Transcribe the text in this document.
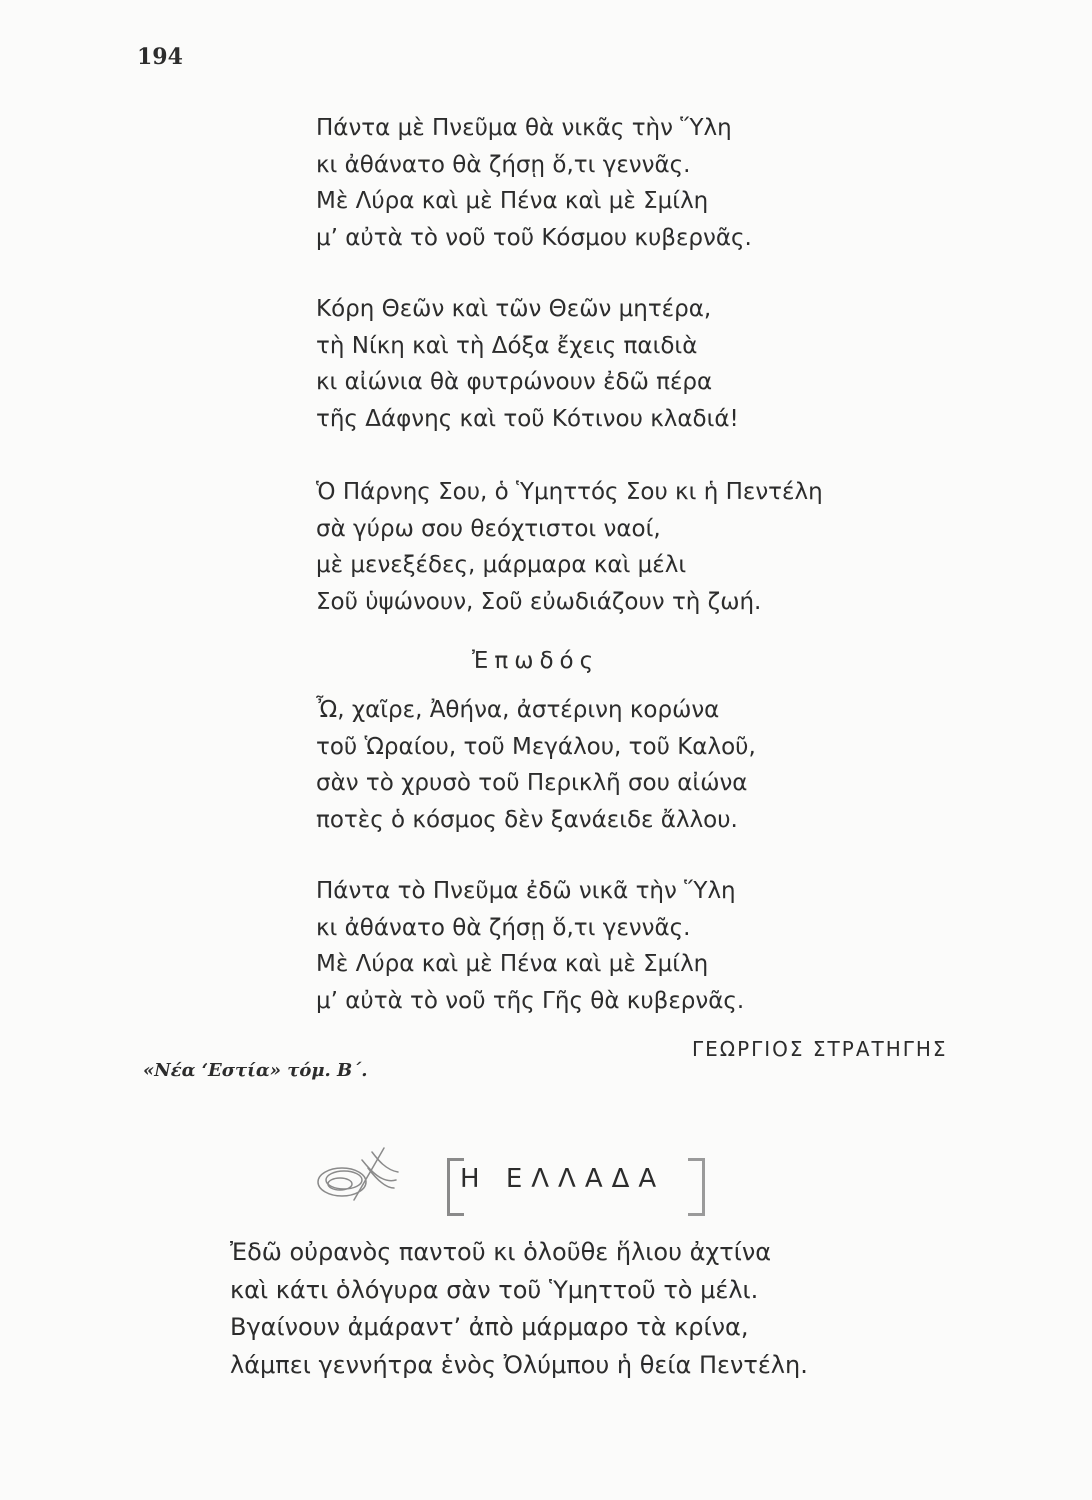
194
Πάντα μὲ Πνεῦμα θὰ νικᾶς τὴν Ὕλη
κι ἀθάνατο θὰ ζήσῃ ὅ,τι γεννᾶς.
Μὲ Λύρα καὶ μὲ Πένα καὶ μὲ Σμίλη
μ’ αὐτὰ τὸ νοῦ τοῦ Κόσμου κυβερνᾶς.
Κόρη Θεῶν καὶ τῶν Θεῶν μητέρα,
τὴ Νίκη καὶ τὴ Δόξα ἔχεις παιδιὰ
κι αἰώνια θὰ φυτρώνουν ἐδῶ πέρα
τῆς Δάφνης καὶ τοῦ Κότινου κλαδιά!
Ὁ Πάρνης Σου, ὁ Ὑμηττός Σου κι ἡ Πεντέλη
σὰ γύρω σου θεόχτιστοι ναοί,
μὲ μενεξέδες, μάρμαρα καὶ μέλι
Σοῦ ὑψώνουν, Σοῦ εὐωδιάζουν τὴ ζωή.
Ἐπωδός
Ὦ, χαῖρε, Ἀθήνα, ἀστέρινη κορώνα
τοῦ Ὡραίου, τοῦ Μεγάλου, τοῦ Καλοῦ,
σὰν τὸ χρυσὸ τοῦ Περικλῆ σου αἰώνα
ποτὲς ὁ κόσμος δὲν ξανάειδε ἄλλου.
Πάντα τὸ Πνεῦμα ἐδῶ νικᾶ τὴν Ὕλη
κι ἀθάνατο θὰ ζήσῃ ὅ,τι γεννᾶς.
Μὲ Λύρα καὶ μὲ Πένα καὶ μὲ Σμίλη
μ’ αὐτὰ τὸ νοῦ τῆς Γῆς θὰ κυβερνᾶς.
ΓΕΩΡΓΙΟΣ ΣΤΡΑΤΗΓΗΣ
«Νέα ‘Εστία» τόμ. Β΄.
Η ΕΛΛΑΔΑ
Ἐδῶ οὐρανὸς παντοῦ κι ὁλοῦθε ἥλιου ἀχτίνα
καὶ κάτι ὁλόγυρα σὰν τοῦ Ὑμηττοῦ τὸ μέλι.
Βγαίνουν ἀμάραντ’ ἀπὸ μάρμαρο τὰ κρίνα,
λάμπει γεννήτρα ἑνὸς Ὀλύμπου ἡ θεία Πεντέλη.
